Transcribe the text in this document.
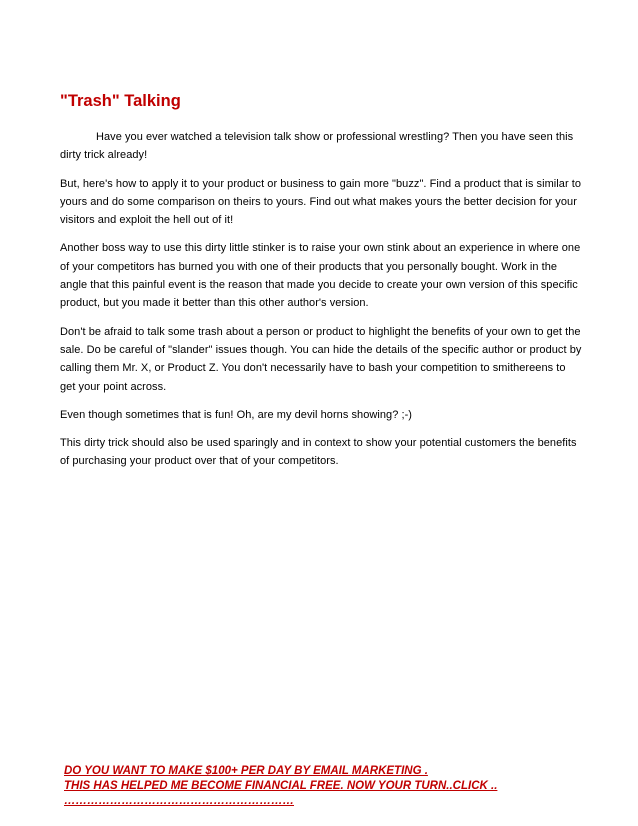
"Trash" Talking

Have you ever watched a television talk show or professional wrestling? Then you have seen this dirty trick already!

But, here's how to apply it to your product or business to gain more "buzz". Find a product that is similar to yours and do some comparison on theirs to yours. Find out what makes yours the better decision for your visitors and exploit the hell out of it!

Another boss way to use this dirty little stinker is to raise your own stink about an experience in where one of your competitors has burned you with one of their products that you personally bought. Work in the angle that this painful event is the reason that made you decide to create your own version of this specific product, but you made it better than this other author's version.

Don't be afraid to talk some trash about a person or product to highlight the benefits of your own to get the sale. Do be careful of "slander" issues though. You can hide the details of the specific author or product by calling them Mr. X, or Product Z. You don't necessarily have to bash your competition to smithereens to get your point across.

Even though sometimes that is fun! Oh, are my devil horns showing? ;-)

This dirty trick should also be used sparingly and in context to show your potential customers the benefits of purchasing your product over that of your competitors.

DO YOU WANT TO MAKE $100+ PER DAY BY EMAIL MARKETING .
THIS HAS HELPED ME BECOME FINANCIAL FREE. NOW YOUR TURN..CLICK ..
……………………………………………………
